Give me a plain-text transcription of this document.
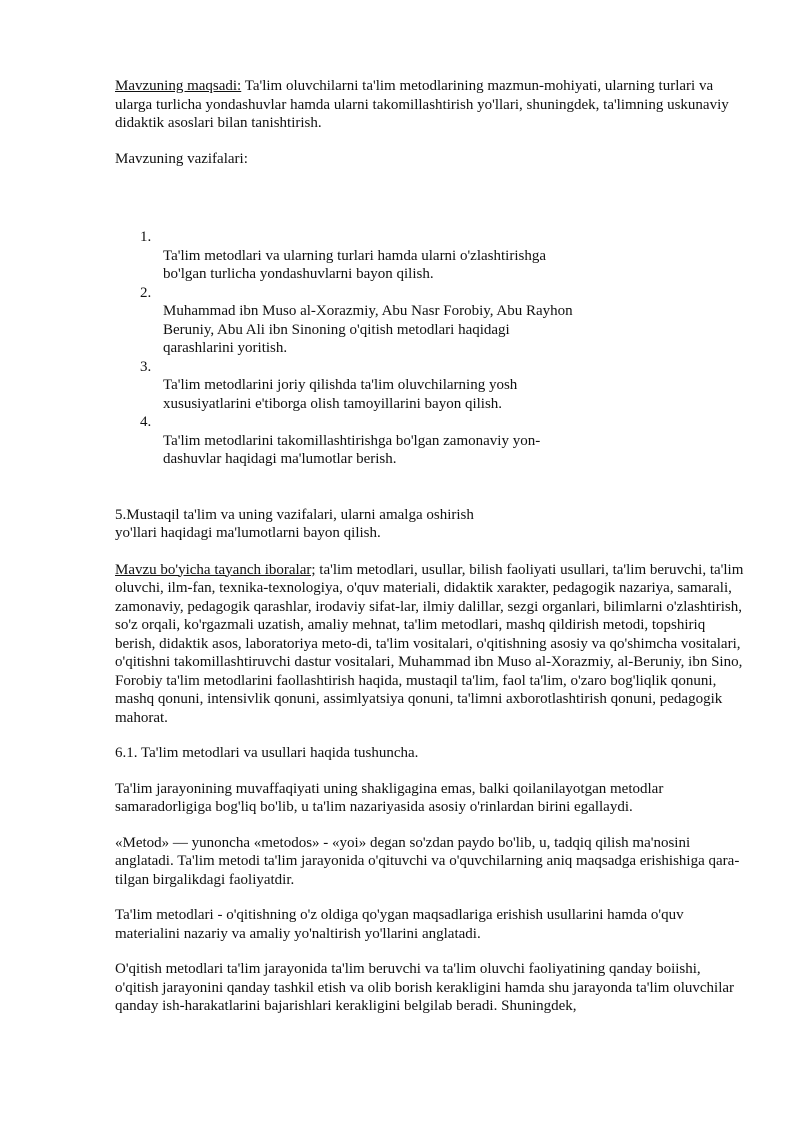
Mavzuning maqsadi: Ta'lim oluvchilarni ta'lim metodlarining mazmun-mohiyati, ularning turlari va ularga turlicha yondashuvlar hamda ularni takomillashtirish yo'llari, shuningdek, ta'limning uskunaviy didaktik asoslari bilan tanishtirish.

Mavzuning vazifalari:

1.
Ta'lim metodlari va ularning turlari hamda ularni o'zlashtirishga bo'lgan turlicha yondashuvlarni bayon qilish.
2.
Muhammad ibn Muso al-Xorazmiy, Abu Nasr Forobiy, Abu Rayhon Beruniy, Abu Ali ibn Sinoning o'qitish metodlari haqidagi qarashlarini yoritish.
3.
Ta'lim metodlarini joriy qilishda ta'lim oluvchilarning yosh xususiyatlarini e'tiborga olish tamoyillarini bayon qilish.
4.
Ta'lim metodlarini takomillashtirishga bo'lgan zamonaviy yon-dashuvlar haqidagi ma'lumotlar berish.

5.Mustaqil ta'lim va uning vazifalari, ularni amalga oshirish yo'llari haqidagi ma'lumotlarni bayon qilish.

Mavzu bo'yicha tayanch iboralar; ta'lim metodlari, usullar, bilish faoliyati usullari, ta'lim beruvchi, ta'lim oluvchi, ilm-fan, texnika-texnologiya, o'quv materiali, didaktik xarakter, pedagogik nazariya, samarali, zamonaviy, pedagogik qarashlar, irodaviy sifat-lar, ilmiy dalillar, sezgi organlari, bilimlarni o'zlashtirish, so'z orqali, ko'rgazmali uzatish, amaliy mehnat, ta'lim metodlari, mashq qildirish metodi, topshiriq berish, didaktik asos, laboratoriya meto-di, ta'lim vositalari, o'qitishning asosiy va qo'shimcha vositalari, o'qitishni takomillashtiruvchi dastur vositalari, Muhammad ibn Muso al-Xorazmiy, al-Beruniy, ibn Sino, Forobiy ta'lim metodlarini faollashtirish haqida, mustaqil ta'lim, faol ta'lim, o'zaro bog'liqlik qonuni, mashq qonuni, intensivlik qonuni, assimlyatsiya qonuni, ta'limni axborotlashtirish qonuni, pedagogik mahorat.

6.1. Ta'lim metodlari va usullari haqida tushuncha.

Ta'lim jarayonining muvaffaqiyati uning shakligagina emas, balki qoilanilayotgan metodlar samaradorligiga bog'liq bo'lib, u ta'lim nazariyasida asosiy o'rinlardan birini egallaydi.

«Metod» — yunoncha «metodos» - «yoi» degan so'zdan paydo bo'lib, u, tadqiq qilish ma'nosini anglatadi. Ta'lim metodi ta'lim jarayonida o'qituvchi va o'quvchilarning aniq maqsadga erishishiga qara-tilgan birgalikdagi faoliyatdir.

Ta'lim metodlari - o'qitishning o'z oldiga qo'ygan maqsadlariga erishish usullarini hamda o'quv materialini nazariy va amaliy yo'naltirish yo'llarini anglatadi.

O'qitish metodlari ta'lim jarayonida ta'lim beruvchi va ta'lim oluvchi faoliyatining qanday boiishi, o'qitish jarayonini qanday tashkil etish va olib borish kerakligini hamda shu jarayonda ta'lim oluvchilar qanday ish-harakatlarini bajarishlari kerakligini belgilab beradi. Shuningdek,
